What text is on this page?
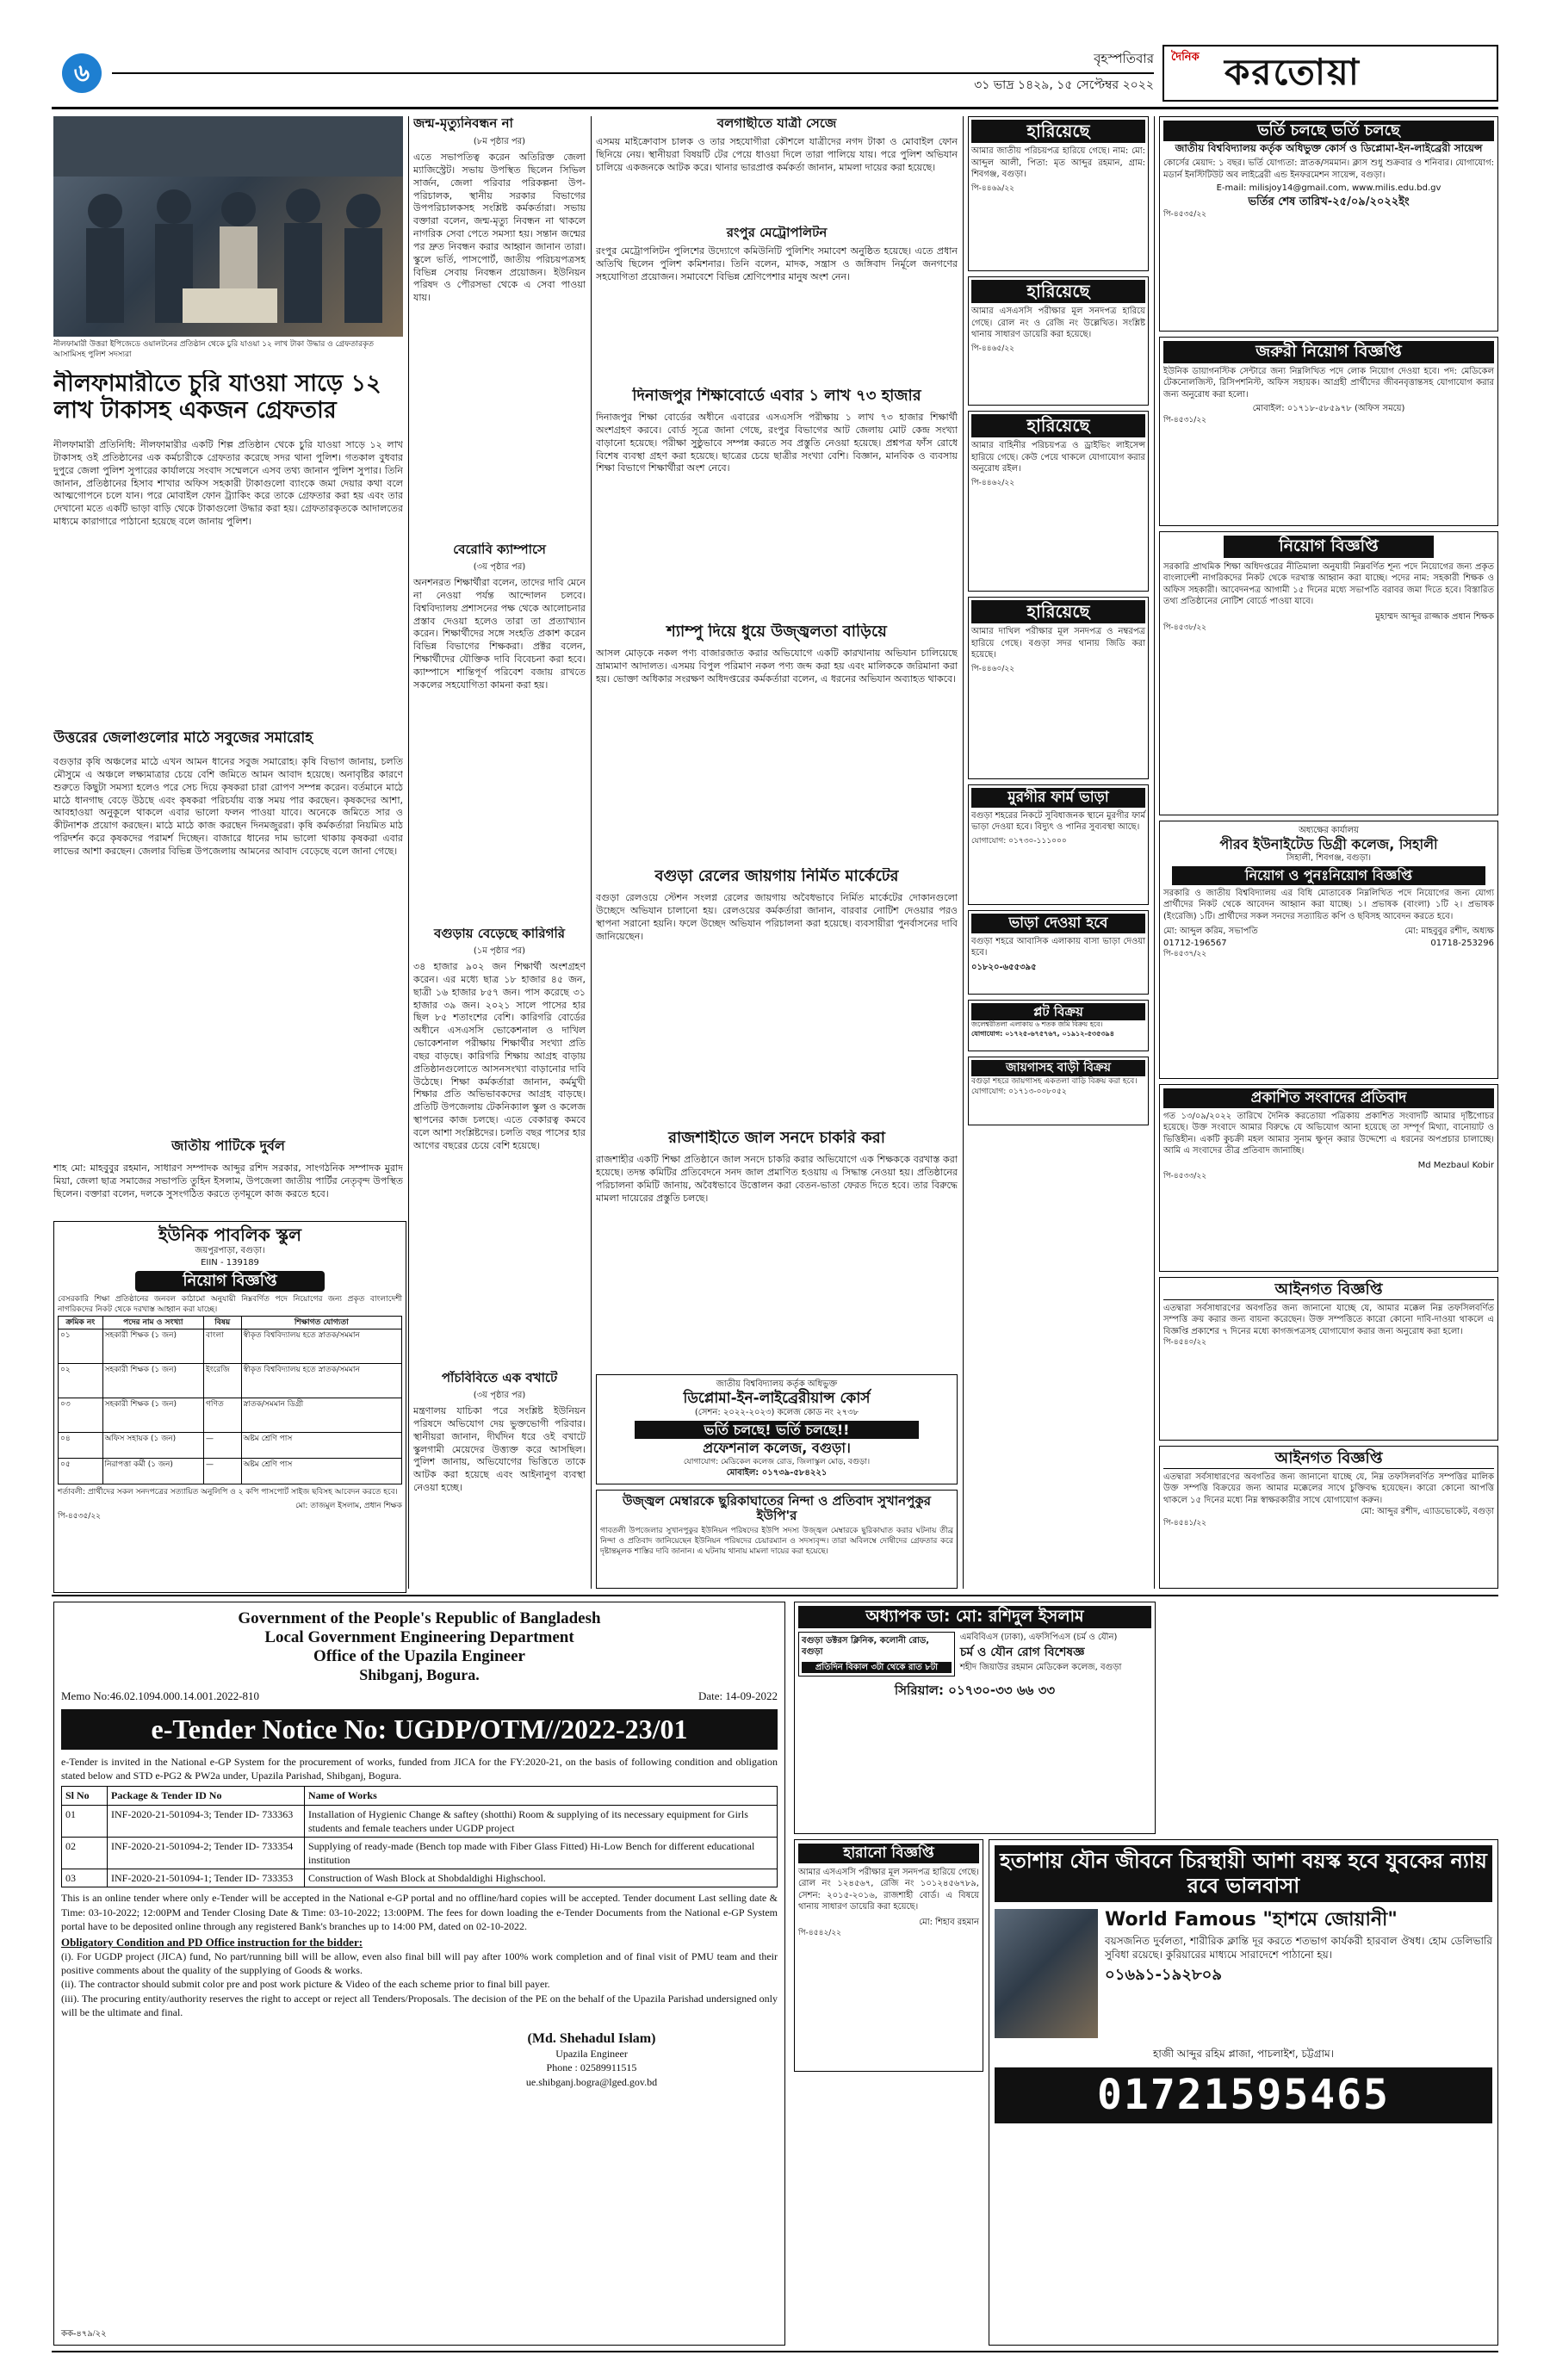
৬	বৃহস্পতিবার
৩১ ভাদ্র ১৪২৯, ১৫ সেপ্টেম্বর ২০২২
দৈনিক করতোয়া
নীলফামারী উত্তরা ইপিজেডে ওয়ালটনের প্রতিষ্ঠান থেকে চুরি যাওয়া ১২ লাখ টাকা উদ্ধার ও গ্রেফতারকৃত আসামিসহ পুলিশ সদস্যরা
নীলফামারীতে চুরি যাওয়া সাড়ে ১২ লাখ টাকাসহ একজন গ্রেফতার
নীলফামারী প্রতিনিধি: নীলফামারীর একটি শিল্প প্রতিষ্ঠান থেকে চুরি যাওয়া সাড়ে ১২ লাখ টাকাসহ ওই প্রতিষ্ঠানের এক কর্মচারীকে গ্রেফতার করেছে সদর থানা পুলিশ। গতকাল বুধবার দুপুরে জেলা পুলিশ সুপারের কার্যালয়ে সংবাদ সম্মেলনে এসব তথ্য জানান পুলিশ সুপার। তিনি জানান, প্রতিষ্ঠানের হিসাব শাখার অফিস সহকারী টাকাগুলো ব্যাংকে জমা দেয়ার কথা বলে আত্মগোপনে চলে যান। পরে মোবাইল ফোন ট্র্যাকিং করে তাকে গ্রেফতার করা হয় এবং তার দেখানো মতে একটি ভাড়া বাড়ি থেকে টাকাগুলো উদ্ধার করা হয়। গ্রেফতারকৃতকে আদালতের মাধ্যমে কারাগারে পাঠানো হয়েছে বলে জানায় পুলিশ।
উত্তরের জেলাগুলোর মাঠে সবুজের সমারোহ
বগুড়ার কৃষি অঞ্চলের মাঠে এখন আমন ধানের সবুজ সমারোহ। কৃষি বিভাগ জানায়, চলতি মৌসুমে এ অঞ্চলে লক্ষ্যমাত্রার চেয়ে বেশি জমিতে আমন আবাদ হয়েছে। অনাবৃষ্টির কারণে শুরুতে কিছুটা সমস্যা হলেও পরে সেচ দিয়ে কৃষকরা চারা রোপণ সম্পন্ন করেন। বর্তমানে মাঠে মাঠে ধানগাছ বেড়ে উঠছে এবং কৃষকরা পরিচর্যায় ব্যস্ত সময় পার করছেন। কৃষকদের আশা, আবহাওয়া অনুকূলে থাকলে এবার ভালো ফলন পাওয়া যাবে। অনেকে জমিতে সার ও কীটনাশক প্রয়োগ করছেন। মাঠে মাঠে কাজ করছেন দিনমজুররা। কৃষি কর্মকর্তারা নিয়মিত মাঠ পরিদর্শন করে কৃষকদের পরামর্শ দিচ্ছেন। বাজারে ধানের দাম ভালো থাকায় কৃষকরা এবার লাভের আশা করছেন। জেলার বিভিন্ন উপজেলায় আমনের আবাদ বেড়েছে বলে জানা গেছে।
জাতীয় পাটিকে দুর্বল
শাহ মো: মাহবুবুর রহমান, সাধারণ সম্পাদক আব্দুর রশিদ সরকার, সাংগঠনিক সম্পাদক মুরাদ মিয়া, জেলা ছাত্র সমাজের সভাপতি তুহিন ইসলাম, উপজেলা জাতীয় পার্টির নেতৃবৃন্দ উপস্থিত ছিলেন। বক্তারা বলেন, দলকে সুসংগঠিত করতে তৃণমূলে কাজ করতে হবে।
ইউনিক পাবলিক স্কুল
জয়পুরপাড়া, বগুড়া।
EIIN - 139189
নিয়োগ বিজ্ঞপ্তি
বেসরকারি শিক্ষা প্রতিষ্ঠানের জনবল কাঠামো অনুযায়ী নিম্নবর্ণিত পদে নিয়োগের জন্য প্রকৃত বাংলাদেশী নাগরিকদের নিকট থেকে দরখাস্ত আহ্বান করা যাচ্ছে।
ক্রমিক নং	পদের নাম ও সংখ্যা	বিষয়	শিক্ষাগত যোগ্যতা
০১	সহকারী শিক্ষক (১ জন)	বাংলা	স্বীকৃত বিশ্ববিদ্যালয় হতে স্নাতক/সমমান
০২	সহকারী শিক্ষক (১ জন)	ইংরেজি	স্বীকৃত বিশ্ববিদ্যালয় হতে স্নাতক/সমমান
০৩	সহকারী শিক্ষক (১ জন)	গণিত	স্নাতক/সমমান ডিগ্রী
০৪	অফিস সহায়ক (১ জন)	—	অষ্টম শ্রেণি পাস
০৫	নিরাপত্তা কর্মী (১ জন)	—	অষ্টম শ্রেণি পাস
শর্তাবলী: প্রার্থীদের সকল সনদপত্রের সত্যায়িত অনুলিপি ও ২ কপি পাসপোর্ট সাইজ ছবিসহ আবেদন করতে হবে।
মো: তাজমুল ইসলাম, প্রধান শিক্ষক
পি-৪৫৩৫/২২
জন্ম-মৃত্যুনিবন্ধন না
(৮ম পৃষ্ঠার পর)
এতে সভাপতিত্ব করেন অতিরিক্ত জেলা ম্যাজিস্ট্রেট। সভায় উপস্থিত ছিলেন সিভিল সার্জন, জেলা পরিবার পরিকল্পনা উপ-পরিচালক, স্থানীয় সরকার বিভাগের উপপরিচালকসহ সংশ্লিষ্ট কর্মকর্তারা। সভায় বক্তারা বলেন, জন্ম-মৃত্যু নিবন্ধন না থাকলে নাগরিক সেবা পেতে সমস্যা হয়। সন্তান জন্মের পর দ্রুত নিবন্ধন করার আহ্বান জানান তারা। স্কুলে ভর্তি, পাসপোর্ট, জাতীয় পরিচয়পত্রসহ বিভিন্ন সেবায় নিবন্ধন প্রয়োজন। ইউনিয়ন পরিষদ ও পৌরসভা থেকে এ সেবা পাওয়া যায়।
বেরোবি ক্যাম্পাসে
(৩য় পৃষ্ঠার পর)
অনশনরত শিক্ষার্থীরা বলেন, তাদের দাবি মেনে না নেওয়া পর্যন্ত আন্দোলন চলবে। বিশ্ববিদ্যালয় প্রশাসনের পক্ষ থেকে আলোচনার প্রস্তাব দেওয়া হলেও তারা তা প্রত্যাখ্যান করেন। শিক্ষার্থীদের সঙ্গে সংহতি প্রকাশ করেন বিভিন্ন বিভাগের শিক্ষকরা। প্রক্টর বলেন, শিক্ষার্থীদের যৌক্তিক দাবি বিবেচনা করা হবে। ক্যাম্পাসে শান্তিপূর্ণ পরিবেশ বজায় রাখতে সকলের সহযোগিতা কামনা করা হয়।
বগুড়ায় বেড়েছে কারিগরি
(১ম পৃষ্ঠার পর)
৩৪ হাজার ৯০২ জন শিক্ষার্থী অংশগ্রহণ করেন। এর মধ্যে ছাত্র ১৮ হাজার ৪৫ জন, ছাত্রী ১৬ হাজার ৮৫৭ জন। পাস করেছে ৩১ হাজার ৩৯ জন। ২০২১ সালে পাসের হার ছিল ৮৫ শতাংশের বেশি। কারিগরি বোর্ডের অধীনে এসএসসি ভোকেশনাল ও দাখিল ভোকেশনাল পরীক্ষায় শিক্ষার্থীর সংখ্যা প্রতি বছর বাড়ছে। কারিগরি শিক্ষায় আগ্রহ বাড়ায় প্রতিষ্ঠানগুলোতে আসনসংখ্যা বাড়ানোর দাবি উঠেছে। শিক্ষা কর্মকর্তারা জানান, কর্মমুখী শিক্ষার প্রতি অভিভাবকদের আগ্রহ বাড়ছে। প্রতিটি উপজেলায় টেকনিক্যাল স্কুল ও কলেজ স্থাপনের কাজ চলছে। এতে বেকারত্ব কমবে বলে আশা সংশ্লিষ্টদের। চলতি বছর পাসের হার আগের বছরের চেয়ে বেশি হয়েছে।
পাঁচবিবিতে এক বখাটে
(৩য় পৃষ্ঠার পর)
মন্ত্রণালয় যাচিকা পরে সংশ্লিষ্ট ইউনিয়ন পরিষদে অভিযোগ দেয় ভুক্তভোগী পরিবার। স্থানীয়রা জানান, দীর্ঘদিন ধরে ওই বখাটে স্কুলগামী মেয়েদের উত্ত্যক্ত করে আসছিল। পুলিশ জানায়, অভিযোগের ভিত্তিতে তাকে আটক করা হয়েছে এবং আইনানুগ ব্যবস্থা নেওয়া হচ্ছে।
বলগাছীতে যাত্রী সেজে
এসময় মাইক্রোবাস চালক ও তার সহযোগীরা কৌশলে যাত্রীদের নগদ টাকা ও মোবাইল ফোন ছিনিয়ে নেয়। স্থানীয়রা বিষয়টি টের পেয়ে ধাওয়া দিলে তারা পালিয়ে যায়। পরে পুলিশ অভিযান চালিয়ে একজনকে আটক করে। থানার ভারপ্রাপ্ত কর্মকর্তা জানান, মামলা দায়ের করা হয়েছে।
রংপুর মেট্রোপলিটন
রংপুর মেট্রোপলিটন পুলিশের উদ্যোগে কমিউনিটি পুলিশিং সমাবেশ অনুষ্ঠিত হয়েছে। এতে প্রধান অতিথি ছিলেন পুলিশ কমিশনার। তিনি বলেন, মাদক, সন্ত্রাস ও জঙ্গিবাদ নির্মূলে জনগণের সহযোগিতা প্রয়োজন। সমাবেশে বিভিন্ন শ্রেণিপেশার মানুষ অংশ নেন।
দিনাজপুর শিক্ষাবোর্ডে এবার ১ লাখ ৭৩ হাজার
দিনাজপুর শিক্ষা বোর্ডের অধীনে এবারের এসএসসি পরীক্ষায় ১ লাখ ৭৩ হাজার শিক্ষার্থী অংশগ্রহণ করবে। বোর্ড সূত্রে জানা গেছে, রংপুর বিভাগের আট জেলায় মোট কেন্দ্র সংখ্যা বাড়ানো হয়েছে। পরীক্ষা সুষ্ঠুভাবে সম্পন্ন করতে সব প্রস্তুতি নেওয়া হয়েছে। প্রশ্নপত্র ফাঁস রোধে বিশেষ ব্যবস্থা গ্রহণ করা হয়েছে। ছাত্রের চেয়ে ছাত্রীর সংখ্যা বেশি। বিজ্ঞান, মানবিক ও ব্যবসায় শিক্ষা বিভাগে শিক্ষার্থীরা অংশ নেবে।
শ্যাম্পু দিয়ে ধুয়ে উজ্জ্বলতা বাড়িয়ে
আসল মোড়কে নকল পণ্য বাজারজাত করার অভিযোগে একটি কারখানায় অভিযান চালিয়েছে ভ্রাম্যমাণ আদালত। এসময় বিপুল পরিমাণ নকল পণ্য জব্দ করা হয় এবং মালিককে জরিমানা করা হয়। ভোক্তা অধিকার সংরক্ষণ অধিদপ্তরের কর্মকর্তারা বলেন, এ ধরনের অভিযান অব্যাহত থাকবে।
বগুড়া রেলের জায়গায় নির্মিত মার্কেটের
বগুড়া রেলওয়ে স্টেশন সংলগ্ন রেলের জায়গায় অবৈধভাবে নির্মিত মার্কেটের দোকানগুলো উচ্ছেদে অভিযান চালানো হয়। রেলওয়ের কর্মকর্তারা জানান, বারবার নোটিশ দেওয়ার পরও স্থাপনা সরানো হয়নি। ফলে উচ্ছেদ অভিযান পরিচালনা করা হয়েছে। ব্যবসায়ীরা পুনর্বাসনের দাবি জানিয়েছেন।
রাজশাহীতে জাল সনদে চাকরি করা
রাজশাহীর একটি শিক্ষা প্রতিষ্ঠানে জাল সনদে চাকরি করার অভিযোগে এক শিক্ষককে বরখাস্ত করা হয়েছে। তদন্ত কমিটির প্রতিবেদনে সনদ জাল প্রমাণিত হওয়ায় এ সিদ্ধান্ত নেওয়া হয়। প্রতিষ্ঠানের পরিচালনা কমিটি জানায়, অবৈধভাবে উত্তোলন করা বেতন-ভাতা ফেরত দিতে হবে। তার বিরুদ্ধে মামলা দায়েরের প্রস্তুতি চলছে।
জাতীয় বিশ্ববিদ্যালয় কর্তৃক অধিভুক্ত
ডিপ্লোমা-ইন-লাইব্রেরীয়ান্স কোর্স
(সেশন: ২০২২-২০২৩) কলেজ কোড নং ২৭৩৮
ভর্তি চলছে! ভর্তি চলছে!!
প্রফেশনাল কলেজ, বগুড়া।
যোগাযোগ: মেডিকেল কলেজ রোড, জিলাস্কুল মোড়, বগুড়া।
মোবাইল: ০১৭৩৯-৫৮৪২২১
উজ্জ্বল মেম্বারকে ছুরিকাঘাতের নিন্দা ও প্রতিবাদ সুখানপুকুর ইউপি'র
গাবতলী উপজেলার সুখানপুকুর ইউনিয়ন পরিষদের ইউপি সদস্য উজ্জ্বল মেম্বারকে ছুরিকাঘাত করার ঘটনায় তীব্র নিন্দা ও প্রতিবাদ জানিয়েছেন ইউনিয়ন পরিষদের চেয়ারম্যান ও সদস্যবৃন্দ। তারা অবিলম্বে দোষীদের গ্রেফতার করে দৃষ্টান্তমূলক শাস্তির দাবি জানান। এ ঘটনায় থানায় মামলা দায়ের করা হয়েছে।
হারিয়েছে
আমার জাতীয় পরিচয়পত্র হারিয়ে গেছে। নাম: মো: আব্দুল আলী, পিতা: মৃত আব্দুর রহমান, গ্রাম: শিবগঞ্জ, বগুড়া।
পি-৪৪৬৯/২২
হারিয়েছে
আমার এসএসসি পরীক্ষার মূল সনদপত্র হারিয়ে গেছে। রোল নং ও রেজি নং উল্লেখিত। সংশ্লিষ্ট থানায় সাধারণ ডায়েরি করা হয়েছে।
পি-৪৪৬৫/২২
হারিয়েছে
আমার বাহিনীর পরিচয়পত্র ও ড্রাইভিং লাইসেন্স হারিয়ে গেছে। কেউ পেয়ে থাকলে যোগাযোগ করার অনুরোধ রইল।
পি-৪৪৬২/২২
হারিয়েছে
আমার দাখিল পরীক্ষার মূল সনদপত্র ও নম্বরপত্র হারিয়ে গেছে। বগুড়া সদর থানায় জিডি করা হয়েছে।
পি-৪৪৬০/২২
মুরগীর ফার্ম ভাড়া
বগুড়া শহরের নিকটে সুবিধাজনক স্থানে মুরগীর ফার্ম ভাড়া দেওয়া হবে। বিদ্যুৎ ও পানির সুব্যবস্থা আছে।
যোগাযোগ: ০১৭৩০-১১১০০০
ভাড়া দেওয়া হবে
বগুড়া শহরে আবাসিক এলাকায় বাসা ভাড়া দেওয়া হবে।
০১৮২০-৬৫৫৩৯৫
প্লট বিক্রয়
জলেশ্বরীতলা এলাকায় ৬ শতক জমি বিক্রয় হবে।
যোগাযোগ: ০১৭২৫-৬৭৫৭৬৭, ০১৯১২-৫৩৫৩৯৪
জায়গাসহ বাড়ী বিক্রয়
বগুড়া শহরে জায়গাসহ একতলা বাড়ি বিক্রয় করা হবে।
যোগাযোগ: ০১৭১৩-০০৮০৫২
ভর্তি চলছে ভর্তি চলছে
জাতীয় বিশ্ববিদ্যালয় কর্তৃক অধিভুক্ত কোর্স ও ডিপ্লোমা-ইন-লাইব্রেরী সায়েন্স
কোর্সের মেয়াদ: ১ বছর। ভর্তি যোগ্যতা: স্নাতক/সমমান। ক্লাস শুধু শুক্রবার ও শনিবার। যোগাযোগ: মডার্ন ইনস্টিটিউট অব লাইব্রেরী এন্ড ইনফরমেশন সায়েন্স, বগুড়া।
E-mail: milisjoy14@gmail.com, www.milis.edu.bd.gv
ভর্তির শেষ তারিখ-২৫/০৯/২০২২ইং
পি-৪৫৩৫/২২
জরুরী নিয়োগ বিজ্ঞপ্তি
ইউনিক ডায়াগনস্টিক সেন্টারে জন্য নিম্নলিখিত পদে লোক নিয়োগ দেওয়া হবে। পদ: মেডিকেল টেকনোলজিস্ট, রিসিপশনিস্ট, অফিস সহায়ক। আগ্রহী প্রার্থীদের জীবনবৃত্তান্তসহ যোগাযোগ করার জন্য অনুরোধ করা হলো।
মোবাইল: ০১৭১৮-৫৮৫৯৭৮ (অফিস সময়ে)
পি-৪৫৩১/২২
নিয়োগ বিজ্ঞপ্তি
সরকারি প্রাথমিক শিক্ষা অধিদপ্তরের নীতিমালা অনুযায়ী নিম্নবর্ণিত শূন্য পদে নিয়োগের জন্য প্রকৃত বাংলাদেশী নাগরিকদের নিকট থেকে দরখাস্ত আহ্বান করা যাচ্ছে। পদের নাম: সহকারী শিক্ষক ও অফিস সহকারী। আবেদনপত্র আগামী ১৫ দিনের মধ্যে সভাপতি বরাবর জমা দিতে হবে। বিস্তারিত তথ্য প্রতিষ্ঠানের নোটিশ বোর্ডে পাওয়া যাবে।
মুহাম্মদ আব্দুর রাজ্জাক প্রধান শিক্ষক
পি-৪৫৩৮/২২
অধ্যক্ষের কার্যালয়
পীরব ইউনাইটেড ডিগ্রী কলেজ, সিহালী
সিহালী, শিবগঞ্জ, বগুড়া।
নিয়োগ ও পুনঃনিয়োগ বিজ্ঞপ্তি
সরকারি ও জাতীয় বিশ্ববিদ্যালয় এর বিধি মোতাবেক নিম্নলিখিত পদে নিয়োগের জন্য যোগ্য প্রার্থীদের নিকট থেকে আবেদন আহ্বান করা যাচ্ছে। ১। প্রভাষক (বাংলা) ১টি ২। প্রভাষক (ইংরেজি) ১টি। প্রার্থীদের সকল সনদের সত্যায়িত কপি ও ছবিসহ আবেদন করতে হবে।
মো: আব্দুল করিম, সভাপতি
01712-196567
মো: মাহবুবুর রশীদ, অধ্যক্ষ
01718-253296
পি-৪৫৩৭/২২
প্রকাশিত সংবাদের প্রতিবাদ
গত ১৩/০৯/২০২২ তারিখে দৈনিক করতোয়া পত্রিকায় প্রকাশিত সংবাদটি আমার দৃষ্টিগোচর হয়েছে। উক্ত সংবাদে আমার বিরুদ্ধে যে অভিযোগ আনা হয়েছে তা সম্পূর্ণ মিথ্যা, বানোয়াট ও ভিত্তিহীন। একটি কুচক্রী মহল আমার সুনাম ক্ষুণ্ন করার উদ্দেশ্যে এ ধরনের অপপ্রচার চালাচ্ছে। আমি এ সংবাদের তীব্র প্রতিবাদ জানাচ্ছি।
Md Mezbaul Kobir
পি-৪৫৩৩/২২
আইনগত বিজ্ঞপ্তি
এতদ্বারা সর্বসাধারণের অবগতির জন্য জানানো যাচ্ছে যে, আমার মক্কেল নিম্ন তফসিলবর্ণিত সম্পত্তি ক্রয় করার জন্য বায়না করেছেন। উক্ত সম্পত্তিতে কারো কোনো দাবি-দাওয়া থাকলে এ বিজ্ঞপ্তি প্রকাশের ৭ দিনের মধ্যে কাগজপত্রসহ যোগাযোগ করার জন্য অনুরোধ করা হলো।
পি-৪৫৪০/২২
আইনগত বিজ্ঞপ্তি
এতদ্বারা সর্বসাধারণের অবগতির জন্য জানানো যাচ্ছে যে, নিম্ন তফসিলবর্ণিত সম্পত্তির মালিক উক্ত সম্পত্তি বিক্রয়ের জন্য আমার মক্কেলের সাথে চুক্তিবদ্ধ হয়েছেন। কারো কোনো আপত্তি থাকলে ১৫ দিনের মধ্যে নিম্ন স্বাক্ষরকারীর সাথে যোগাযোগ করুন।
মো: আব্দুর রশীদ, এ্যাডভোকেট, বগুড়া
পি-৪৫৪১/২২
Government of the People's Republic of Bangladesh
Local Government Engineering Department
Office of the Upazila Engineer
Shibganj, Bogura.
Memo No:46.02.1094.000.14.001.2022-810	Date: 14-09-2022
e-Tender Notice No: UGDP/OTM//2022-23/01
e-Tender is invited in the National e-GP System for the procurement of works, funded from JICA for the FY:2020-21, on the basis of following condition and obligation stated below and STD e-PG2 & PW2a under, Upazila Parishad, Shibganj, Bogura.
Sl No	Package & Tender ID No	Name of Works
01	INF-2020-21-501094-3; Tender ID- 733363	Installation of Hygienic Change & saftey (shotthi) Room & supplying of its necessary equipment for Girls students and female teachers under UGDP project
02	INF-2020-21-501094-2; Tender ID- 733354	Supplying of ready-made (Bench top made with Fiber Glass Fitted) Hi-Low Bench for different educational institution
03	INF-2020-21-501094-1; Tender ID- 733353	Construction of Wash Block at Shobdaldighi Highschool.
This is an online tender where only e-Tender will be accepted in the National e-GP portal and no offline/hard copies will be accepted. Tender document Last selling date & Time: 03-10-2022; 12:00PM and Tender Closing Date & Time: 03-10-2022; 13:00PM. The fees for down loading the e-Tender Documents from the National e-GP System portal have to be deposited online through any registered Bank's branches up to 14:00 PM, dated on 02-10-2022.
Obligatory Condition and PD Office instruction for the bidder:
(i). For UGDP project (JICA) fund, No part/running bill will be allow, even also final bill will pay after 100% work completion and of final visit of PMU team and their positive comments about the quality of the supplying of Goods & works.
(ii). The contractor should submit color pre and post work picture & Video of the each scheme prior to final bill payer.
(iii). The procuring entity/authority reserves the right to accept or reject all Tenders/Proposals. The decision of the PE on the behalf of the Upazila Parishad undersigned only will be the ultimate and final.
(Md. Shehadul Islam)
Upazila Engineer
Phone : 02589911515
ue.shibganj.bogra@lged.gov.bd
কক-৪৭৯/২২
অধ্যাপক ডা: মো: রশিদুল ইসলাম
বগুড়া ডক্টরস ক্লিনিক, কলোনী রোড, বগুড়া
প্রতিদিন বিকাল ৩টা থেকে রাত ৮টা
এমবিবিএস (ঢাকা), এফসিপিএস (চর্ম ও যৌন)
চর্ম ও যৌন রোগ বিশেষজ্ঞ
শহীদ জিয়াউর রহমান মেডিকেল কলেজ, বগুড়া
সিরিয়াল: ০১৭৩০-৩৩ ৬৬ ৩৩
হারানো বিজ্ঞপ্তি
আমার এসএসসি পরীক্ষার মূল সনদপত্র হারিয়ে গেছে। রোল নং ১২৪৫৬৭, রেজি নং ১০১২৪৫৬৭৮৯, সেশন: ২০১৫-২০১৬, রাজশাহী বোর্ড। এ বিষয়ে থানায় সাধারণ ডায়েরি করা হয়েছে।
মো: শিহাব রহমান
পি-৪৫৪২/২২
হতাশায় যৌন জীবনে চিরস্থায়ী আশা বয়স্ক হবে যুবকের ন্যায় রবে ভালবাসা
World Famous "হাশমে জোয়ানী"
বয়সজনিত দুর্বলতা, শারীরিক ক্লান্তি দূর করতে শতভাগ কার্যকরী হারবাল ঔষধ। হোম ডেলিভারি সুবিধা রয়েছে। কুরিয়ারের মাধ্যমে সারাদেশে পাঠানো হয়।
০১৬৯১-১৯২৮০৯
হাজী আব্দুর রহিম প্লাজা, পাচলাইশ, চট্টগ্রাম।
01721595465
